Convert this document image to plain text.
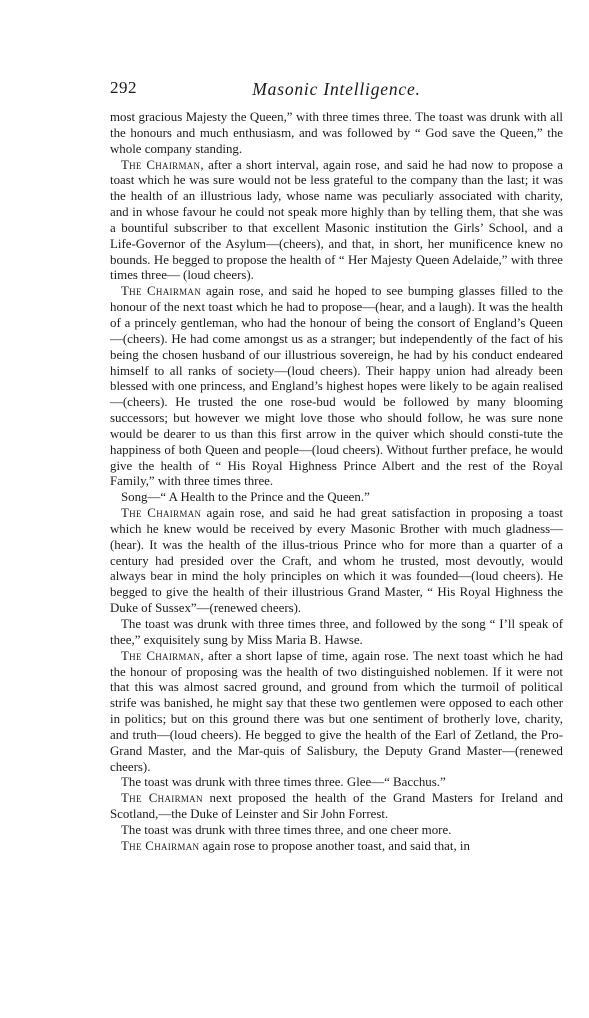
292	Masonic Intelligence.

most gracious Majesty the Queen,” with three times three. The toast was drunk with all the honours and much enthusiasm, and was followed by “ God save the Queen,” the whole company standing.

The Chairman, after a short interval, again rose, and said he had now to propose a toast which he was sure would not be less grateful to the company than the last; it was the health of an illustrious lady, whose name was peculiarly associated with charity, and in whose favour he could not speak more highly than by telling them, that she was a bountiful subscriber to that excellent Masonic institution the Girls’ School, and a Life-Governor of the Asylum—(cheers), and that, in short, her munificence knew no bounds. He begged to propose the health of “ Her Majesty Queen Adelaide,” with three times three— (loud cheers).

The Chairman again rose, and said he hoped to see bumping glasses filled to the honour of the next toast which he had to propose—(hear, and a laugh). It was the health of a princely gentleman, who had the honour of being the consort of England’s Queen—(cheers). He had come amongst us as a stranger; but independently of the fact of his being the chosen husband of our illustrious sovereign, he had by his conduct endeared himself to all ranks of society—(loud cheers). Their happy union had already been blessed with one princess, and England’s highest hopes were likely to be again realised—(cheers). He trusted the one rose-bud would be followed by many blooming successors; but however we might love those who should follow, he was sure none would be dearer to us than this first arrow in the quiver which should consti-tute the happiness of both Queen and people—(loud cheers). Without further preface, he would give the health of “ His Royal Highness Prince Albert and the rest of the Royal Family,” with three times three.

Song—“ A Health to the Prince and the Queen.”

The Chairman again rose, and said he had great satisfaction in proposing a toast which he knew would be received by every Masonic Brother with much gladness—(hear). It was the health of the illus-trious Prince who for more than a quarter of a century had presided over the Craft, and whom he trusted, most devoutly, would always bear in mind the holy principles on which it was founded—(loud cheers). He begged to give the health of their illustrious Grand Master, “ His Royal Highness the Duke of Sussex”—(renewed cheers).

The toast was drunk with three times three, and followed by the song “ I’ll speak of thee,” exquisitely sung by Miss Maria B. Hawse.

The Chairman, after a short lapse of time, again rose. The next toast which he had the honour of proposing was the health of two distinguished noblemen. If it were not that this was almost sacred ground, and ground from which the turmoil of political strife was banished, he might say that these two gentlemen were opposed to each other in politics; but on this ground there was but one sentiment of brotherly love, charity, and truth—(loud cheers). He begged to give the health of the Earl of Zetland, the Pro-Grand Master, and the Mar-quis of Salisbury, the Deputy Grand Master—(renewed cheers).

The toast was drunk with three times three. Glee—“ Bacchus.”

The Chairman next proposed the health of the Grand Masters for Ireland and Scotland,—the Duke of Leinster and Sir John Forrest.

The toast was drunk with three times three, and one cheer more.

The Chairman again rose to propose another toast, and said that, in
